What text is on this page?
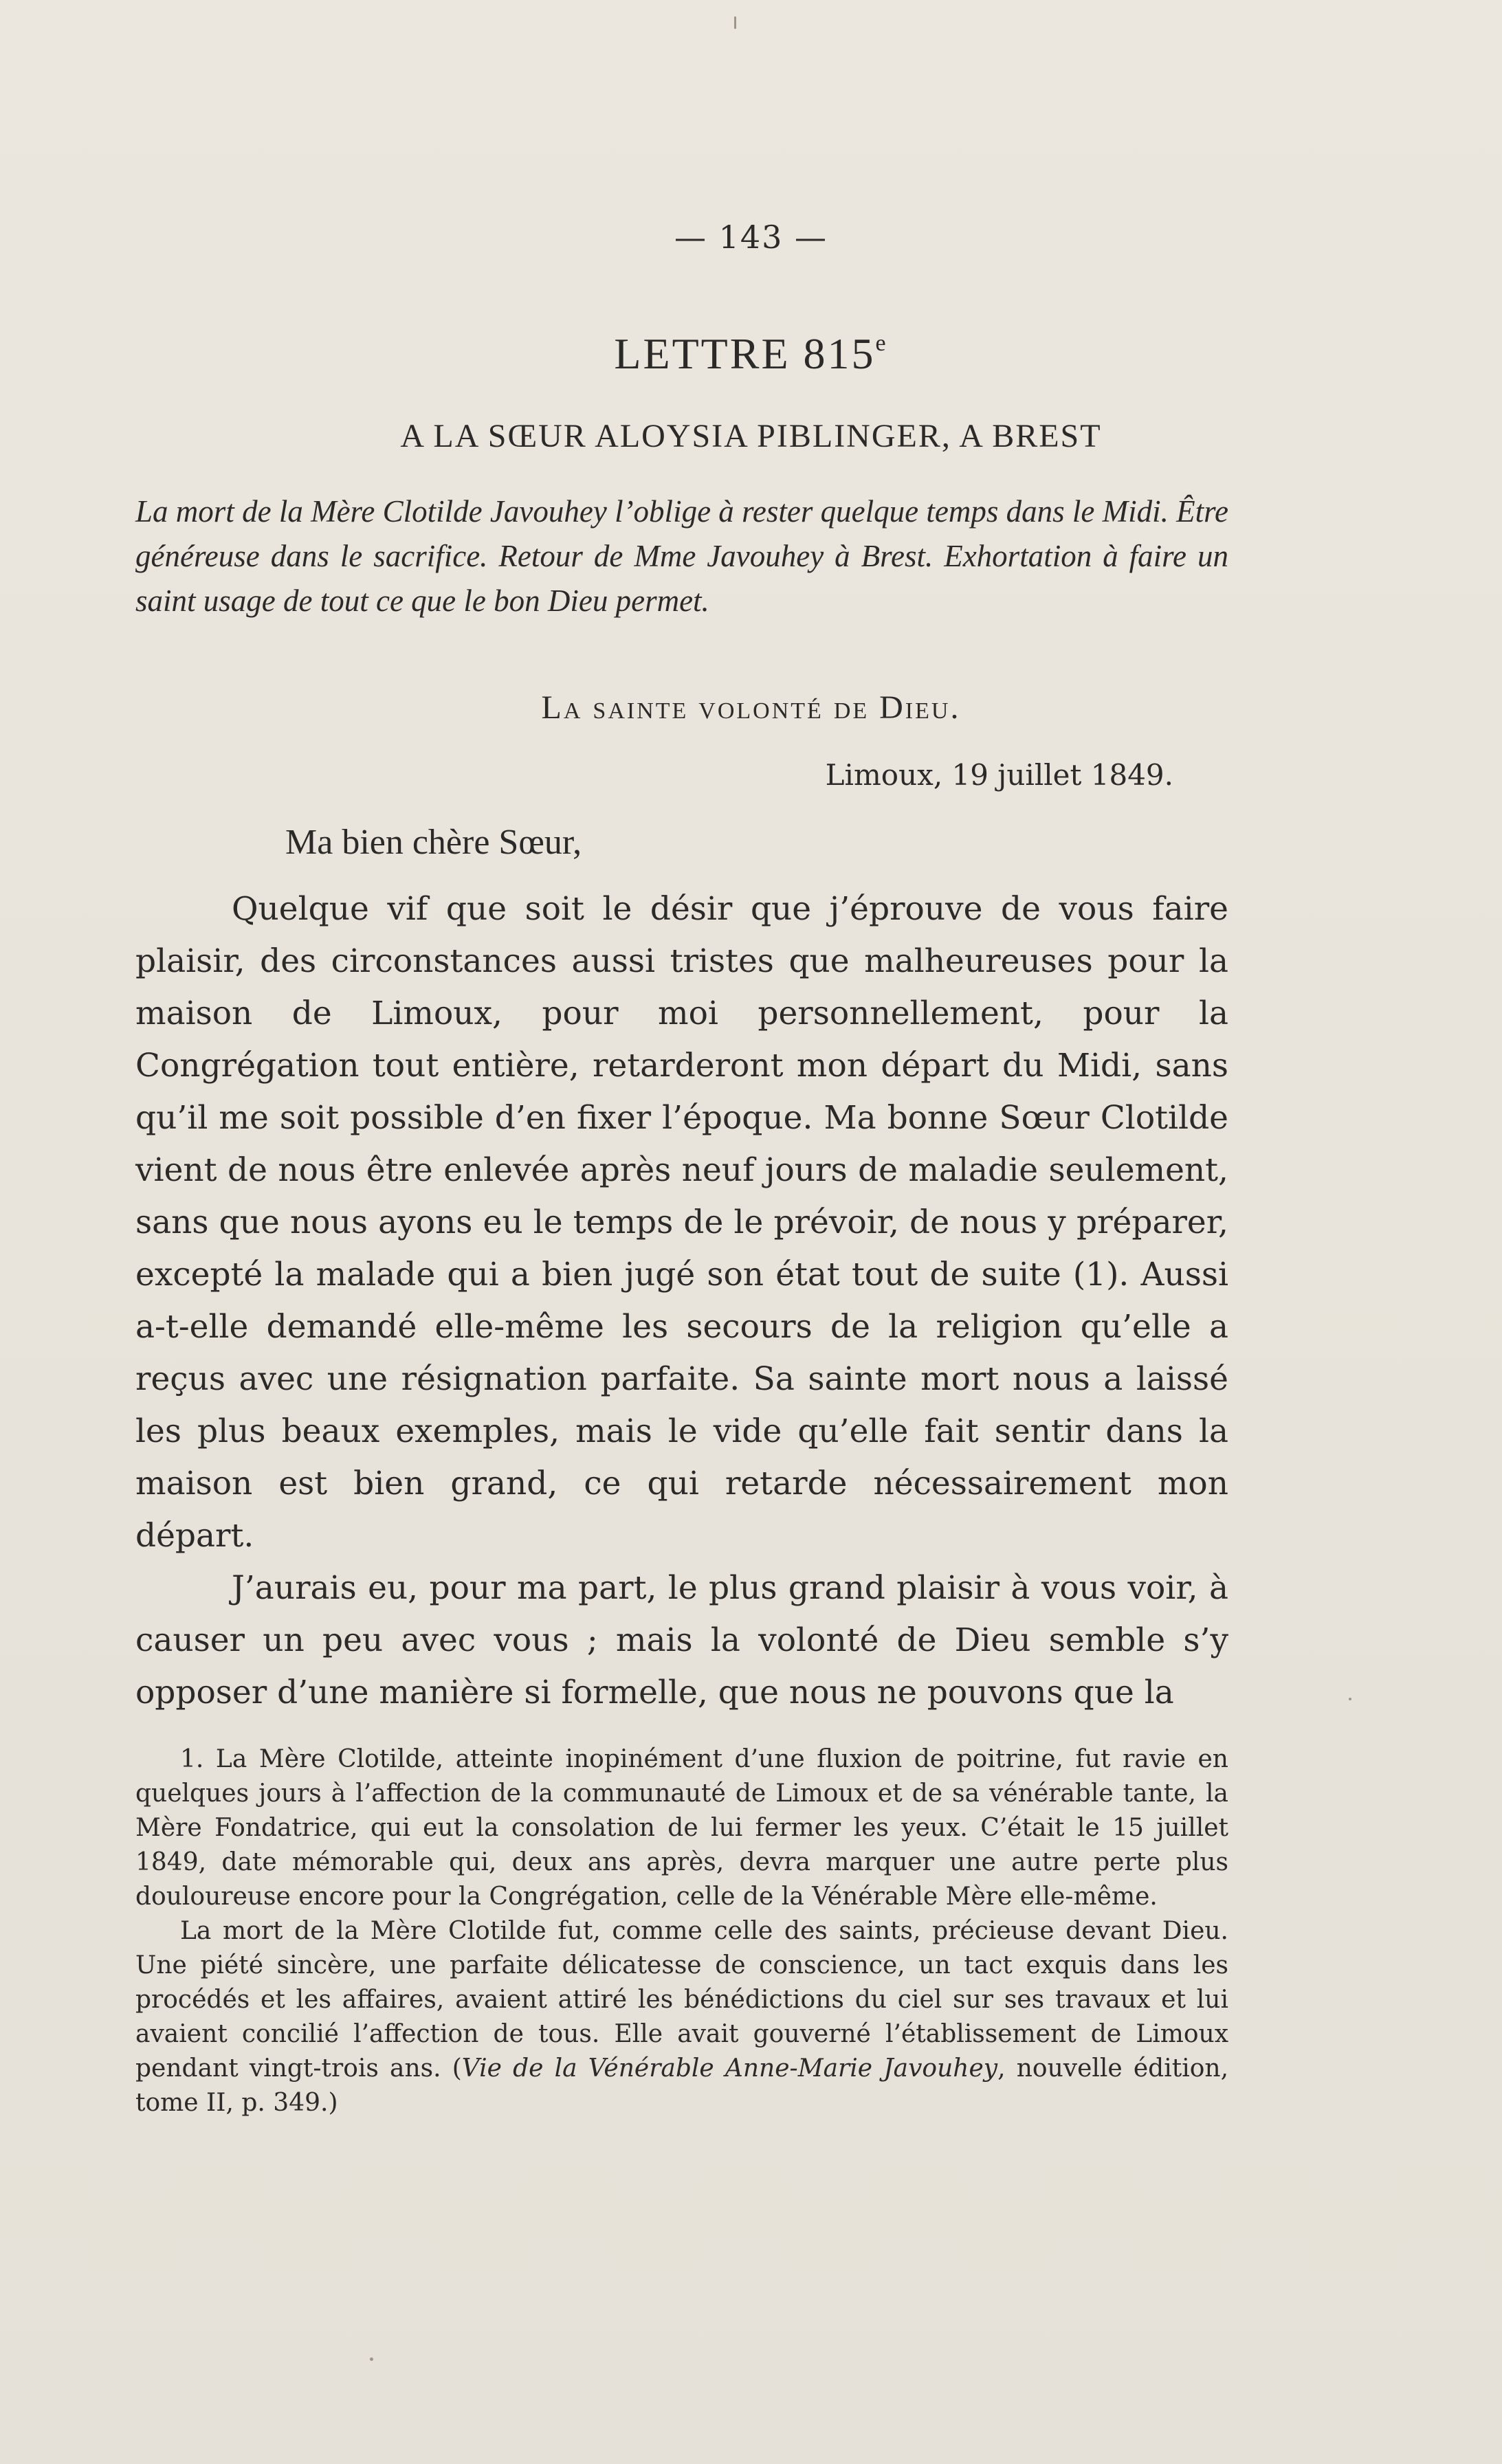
— 143 —
LETTRE 815e
A LA SŒUR ALOYSIA PIBLINGER, A BREST
La mort de la Mère Clotilde Javouhey l’oblige à rester quelque temps dans le Midi. Être généreuse dans le sacrifice. Retour de Mme Javouhey à Brest. Exhortation à faire un saint usage de tout ce que le bon Dieu permet.
La sainte volonté de Dieu.
Limoux, 19 juillet 1849.
Ma bien chère Sœur,

Quelque vif que soit le désir que j’éprouve de vous faire plaisir, des circonstances aussi tristes que malheureuses pour la maison de Limoux, pour moi personnellement, pour la Congrégation tout entière, retarderont mon départ du Midi, sans qu’il me soit possible d’en fixer l’époque. Ma bonne Sœur Clotilde vient de nous être enlevée après neuf jours de maladie seulement, sans que nous ayons eu le temps de le prévoir, de nous y préparer, excepté la malade qui a bien jugé son état tout de suite (1). Aussi a-t-elle demandé elle-même les secours de la religion qu’elle a reçus avec une résignation parfaite. Sa sainte mort nous a laissé les plus beaux exemples, mais le vide qu’elle fait sentir dans la maison est bien grand, ce qui retarde nécessairement mon départ.

J’aurais eu, pour ma part, le plus grand plaisir à vous voir, à causer un peu avec vous ; mais la volonté de Dieu semble s’y opposer d’une manière si formelle, que nous ne pouvons que la

1. La Mère Clotilde, atteinte inopinément d’une fluxion de poitrine, fut ravie en quelques jours à l’affection de la communauté de Limoux et de sa vénérable tante, la Mère Fondatrice, qui eut la consolation de lui fermer les yeux. C’était le 15 juillet 1849, date mémorable qui, deux ans après, devra marquer une autre perte plus douloureuse encore pour la Congrégation, celle de la Vénérable Mère elle-même.

La mort de la Mère Clotilde fut, comme celle des saints, précieuse devant Dieu. Une piété sincère, une parfaite délicatesse de conscience, un tact exquis dans les procédés et les affaires, avaient attiré les bénédictions du ciel sur ses travaux et lui avaient concilié l’affection de tous. Elle avait gouverné l’établissement de Limoux pendant vingt-trois ans. (Vie de la Vénérable Anne-Marie Javouhey, nouvelle édition, tome II, p. 349.)
